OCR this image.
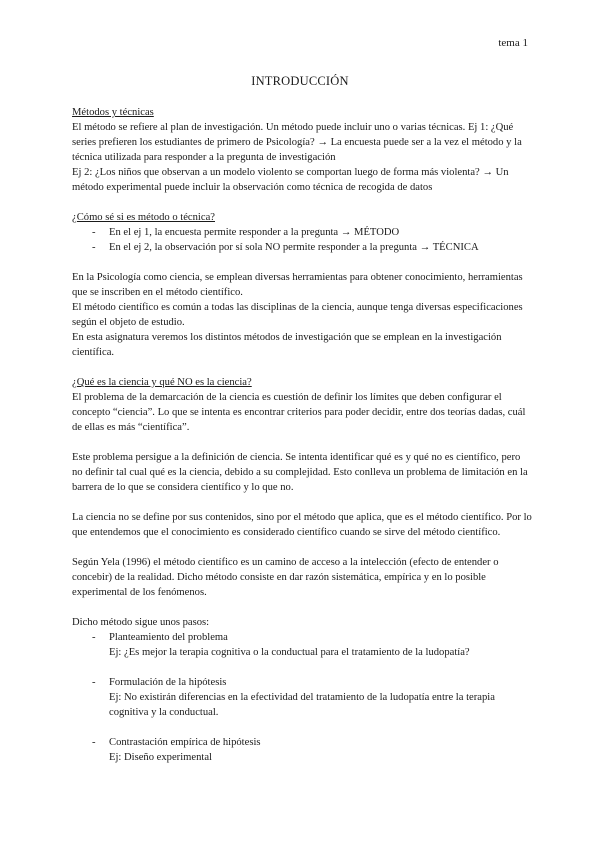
tema 1
INTRODUCCIÓN

Métodos y técnicas

El método se refiere al plan de investigación. Un método puede incluir uno o varias técnicas. Ej 1: ¿Qué series prefieren los estudiantes de primero de Psicología? → La encuesta puede ser a la vez el método y la técnica utilizada para responder a la pregunta de investigación

Ej 2: ¿Los niños que observan a un modelo violento se comportan luego de forma más violenta? → Un método experimental puede incluir la observación como técnica de recogida de datos

¿Cómo sé si es método o técnica?

- En el ej 1, la encuesta permite responder a la pregunta → MÉTODO
- En el ej 2, la observación por sí sola NO permite responder a la pregunta → TÉCNICA

En la Psicología como ciencia, se emplean diversas herramientas para obtener conocimiento, herramientas que se inscriben en el método científico.

El método científico es común a todas las disciplinas de la ciencia, aunque tenga diversas especificaciones según el objeto de estudio.

En esta asignatura veremos los distintos métodos de investigación que se emplean en la investigación científica.

¿Qué es la ciencia y qué NO es la ciencia?

El problema de la demarcación de la ciencia es cuestión de definir los límites que deben configurar el concepto “ciencia”. Lo que se intenta es encontrar criterios para poder decidir, entre dos teorías dadas, cuál de ellas es más “científica”.

Este problema persigue a la definición de ciencia. Se intenta identificar qué es y qué no es científico, pero no definir tal cual qué es la ciencia, debido a su complejidad. Esto conlleva un problema de limitación en la barrera de lo que se considera científico y lo que no.

La ciencia no se define por sus contenidos, sino por el método que aplica, que es el método científico. Por lo que entendemos que el conocimiento es considerado científico cuando se sirve del método científico.

Según Yela (1996) el método científico es un camino de acceso a la intelección (efecto de entender o concebir) de la realidad. Dicho método consiste en dar razón sistemática, empírica y en lo posible experimental de los fenómenos.

Dicho método sigue unos pasos:

- Planteamiento del problema
Ej: ¿Es mejor la terapia cognitiva o la conductual para el tratamiento de la ludopatía?
- Formulación de la hipótesis
Ej: No existirán diferencias en la efectividad del tratamiento de la ludopatía entre la terapia cognitiva y la conductual.
- Contrastación empírica de hipótesis
Ej: Diseño experimental
